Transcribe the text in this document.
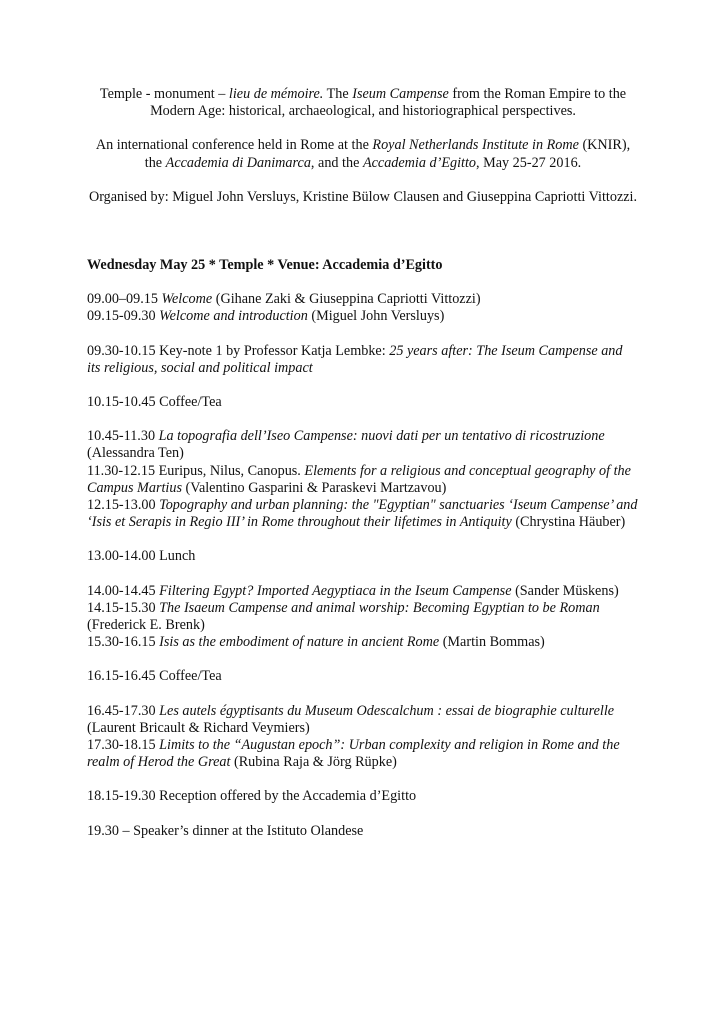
Temple - monument – lieu de mémoire. The Iseum Campense from the Roman Empire to the Modern Age: historical, archaeological, and historiographical perspectives.

An international conference held in Rome at the Royal Netherlands Institute in Rome (KNIR), the Accademia di Danimarca, and the Accademia d’Egitto, May 25-27 2016.

Organised by: Miguel John Versluys, Kristine Bülow Clausen and Giuseppina Capriotti Vittozzi.

Wednesday May 25 * Temple * Venue: Accademia d’Egitto

09.00–09.15 Welcome (Gihane Zaki & Giuseppina Capriotti Vittozzi)

09.15-09.30 Welcome and introduction (Miguel John Versluys)

09.30-10.15 Key-note 1 by Professor Katja Lembke: 25 years after: The Iseum Campense and its religious, social and political impact

10.15-10.45 Coffee/Tea

10.45-11.30 La topografia dell’Iseo Campense: nuovi dati per un tentativo di ricostruzione (Alessandra Ten)

11.30-12.15 Euripus, Nilus, Canopus. Elements for a religious and conceptual geography of the Campus Martius (Valentino Gasparini & Paraskevi Martzavou)

12.15-13.00 Topography and urban planning: the "Egyptian" sanctuaries ‘Iseum Campense’ and ‘Isis et Serapis in Regio III’ in Rome throughout their lifetimes in Antiquity (Chrystina Häuber)

13.00-14.00 Lunch

14.00-14.45 Filtering Egypt? Imported Aegyptiaca in the Iseum Campense (Sander Müskens)

14.15-15.30 The Isaeum Campense and animal worship: Becoming Egyptian to be Roman (Frederick E. Brenk)

15.30-16.15 Isis as the embodiment of nature in ancient Rome (Martin Bommas)

16.15-16.45 Coffee/Tea

16.45-17.30 Les autels égyptisants du Museum Odescalchum : essai de biographie culturelle (Laurent Bricault & Richard Veymiers)

17.30-18.15 Limits to the “Augustan epoch”: Urban complexity and religion in Rome and the realm of Herod the Great (Rubina Raja & Jörg Rüpke)

18.15-19.30 Reception offered by the Accademia d’Egitto

19.30 – Speaker’s dinner at the Istituto Olandese
